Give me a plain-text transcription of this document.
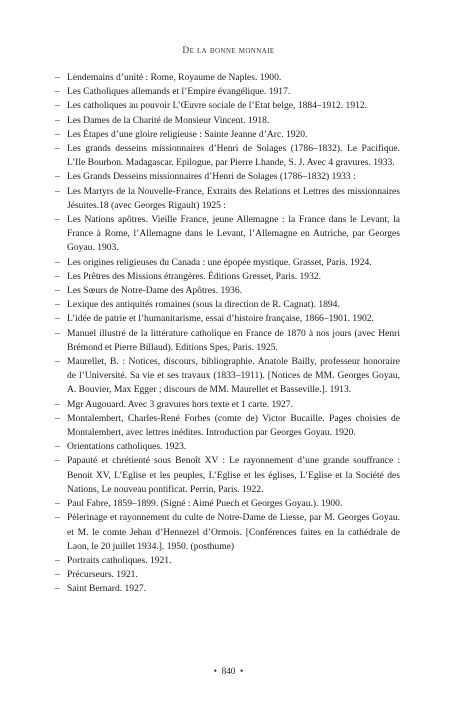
De la bonne monnaie
– Lendemains d’unité : Rome, Royaume de Naples. 1900.
– Les Catholiques allemands et l’Empire évangélique. 1917.
– Les catholiques au pouvoir L’Œuvre sociale de l’Etat belge, 1884–1912. 1912.
– Les Dames de la Charité de Monsieur Vincent. 1918.
– Les Étapes d’une gloire religieuse : Sainte Jeanne d’Arc. 1920.
– Les grands desseins missionnaires d’Henri de Solages (1786–1832). Le Pacifique. L’Ile Bourbon. Madagascar. Epilogue, par Pierre Lhande, S. J. Avec 4 gravures. 1933.
– Les Grands Desseins missionnaires d’Henri de Solages (1786–1832) 1933 :
– Les Martyrs de la Nouvelle-France, Extraits des Relations et Lettres des missionnaires Jésuites.18 (avec Georges Rigault) 1925 :
– Les Nations apôtres. Vieille France, jeune Allemagne : la France dans le Levant, la France à Rome, l’Allemagne dans le Levant, l’Allemagne en Autriche, par Georges Goyau. 1903.
– Les origines religieuses du Canada : une épopée mystique. Grasset, Paris. 1924.
– Les Prêtres des Missions étrangères. Éditions Gresset, Paris. 1932.
– Les Sœurs de Notre-Dame des Apôtres. 1936.
– Lexique des antiquités romaines (sous la direction de R. Cagnat). 1894.
– L’idée de patrie et l’humanitarisme, essai d’histoire française, 1866–1901. 1902.
– Manuel illustré de la littérature catholique en France de 1870 à nos jours (avec Henri Brémond et Pierre Billaud). Editions Spes, Paris. 1925.
– Maurellet, B. : Notices, discours, bibliographie. Anatole Bailly, professeur honoraire de l’Université. Sa vie et ses travaux (1833–1911). [Notices de MM. Georges Goyau, A. Bouvier, Max Egger ; discours de MM. Maurellet et Basseville.]. 1913.
– Mgr Augouard. Avec 3 gravures hors texte et 1 carte. 1927.
– Montalembert, Charles-René Forbes (comte de) Victor Bucaille. Pages choisies de Montalembert, avec lettres inédites. Introduction par Georges Goyau. 1920.
– Orientations catholiques. 1923.
– Papauté et chrétienté sous Benoît XV : Le rayonnement d’une grande souffrance : Benoit XV, L’Eglise et les peuples, L’Eglise et les églises, L’Eglise et la Société des Nations, Le nouveau pontificat. Perrin, Paris. 1922.
– Paul Fabre, 1859–1899. (Signé : Aimé Puech et Georges Goyau.). 1900.
– Pèlerinage et rayonnement du culte de Notre-Dame de Liesse, par M. Georges Goyau. et M. le comte Jehan d’Hennezel d’Ormois. [Conférences faites en la cathédrale de Laon, le 20 juillet 1934.]. 1950. (posthume)
– Portraits catholiques. 1921.
– Précurseurs. 1921.
– Saint Bernard. 1927.
• 840 •
